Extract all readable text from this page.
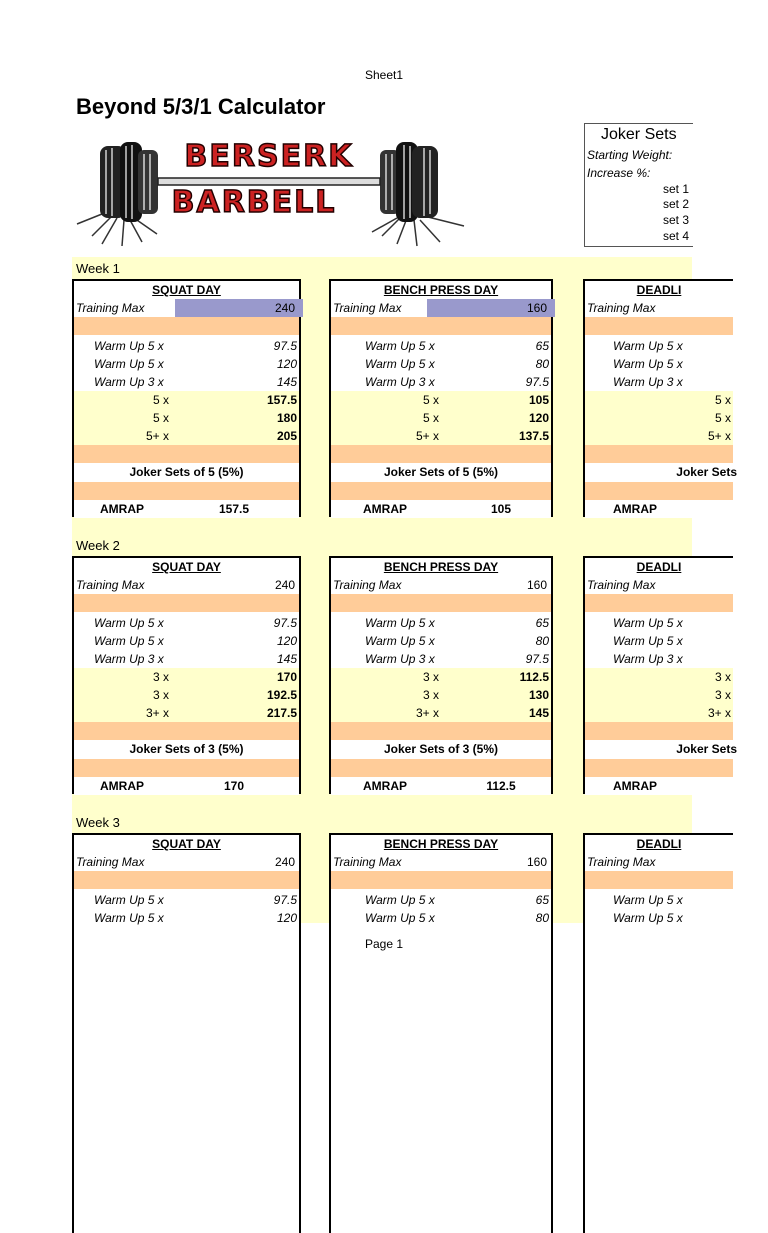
Sheet1
Beyond 5/3/1 Calculator
BERSERK
BARBELL
Joker Sets
Starting Weight:
Increase %:
set 1
set 2
set 3
set 4
Week 1
SQUAT DAY
Training Max	240
Warm Up 5 x	97.5
Warm Up 5 x	120
Warm Up 3 x	145
5 x	157.5
5 x	180
5+ x	205
Joker Sets of 5 (5%)
AMRAP	157.5
BENCH PRESS DAY
Training Max	160
Warm Up 5 x	65
Warm Up 5 x	80
Warm Up 3 x	97.5
5 x	105
5 x	120
5+ x	137.5
Joker Sets of 5 (5%)
AMRAP	105
DEADLI
Training Max
Warm Up 5 x
Warm Up 5 x
Warm Up 3 x
5 x
5 x
5+ x
Joker Sets
AMRAP
Week 2
SQUAT DAY
Training Max	240
Warm Up 5 x	97.5
Warm Up 5 x	120
Warm Up 3 x	145
3 x	170
3 x	192.5
3+ x	217.5
Joker Sets of 3 (5%)
AMRAP	170
BENCH PRESS DAY
Training Max	160
Warm Up 5 x	65
Warm Up 5 x	80
Warm Up 3 x	97.5
3 x	112.5
3 x	130
3+ x	145
Joker Sets of 3 (5%)
AMRAP	112.5
DEADLI
Training Max
Warm Up 5 x
Warm Up 5 x
Warm Up 3 x
3 x
3 x
3+ x
Joker Sets
AMRAP
Week 3
SQUAT DAY
Training Max	240
Warm Up 5 x	97.5
Warm Up 5 x	120
BENCH PRESS DAY
Training Max	160
Warm Up 5 x	65
Warm Up 5 x	80
DEADLI
Training Max
Warm Up 5 x
Warm Up 5 x
Page 1
